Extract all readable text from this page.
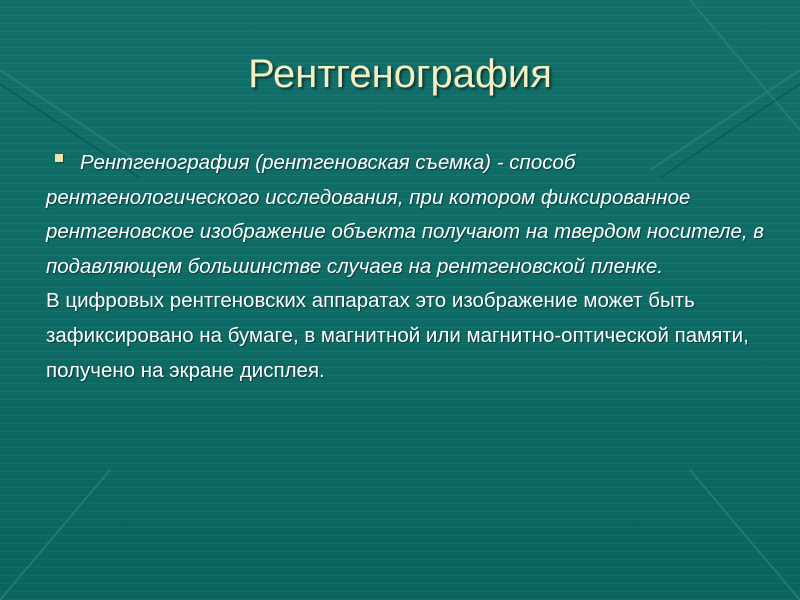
Рентгенография

Рентгенография (рентгеновская съемка) - способ рентгенологического исследования, при котором фиксированное рентгеновское изображение объекта получают на твердом носителе, в подавляющем большинстве случаев на рентгеновской пленке.

В цифровых рентгеновских аппаратах это изображение может быть зафиксировано на бумаге, в магнитной или магнитно-оптической памяти, получено на экране дисплея.
